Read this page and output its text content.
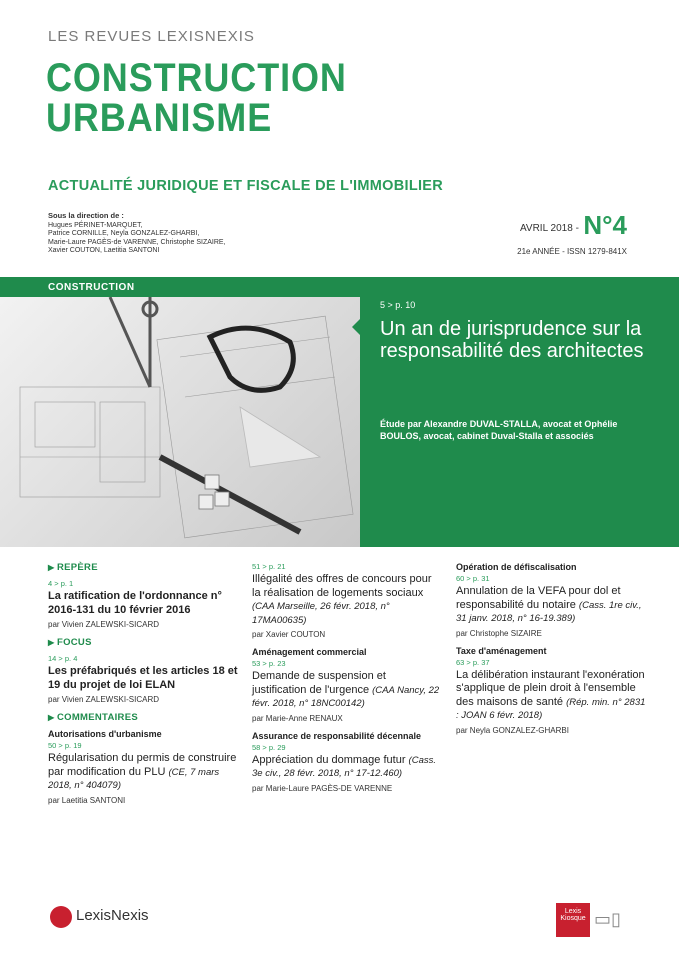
LES REVUES LEXISNEXIS
CONSTRUCTION
URBANISME
ACTUALITÉ JURIDIQUE ET FISCALE DE L'IMMOBILIER
Sous la direction de :
Hugues PÉRINET-MARQUET,
Patrice CORNILLE, Neyla GONZALEZ-GHARBI,
Marie-Laure PAGÈS-de VARENNE, Christophe SIZAIRE,
Xavier COUTON, Laetitia SANTONI
AVRIL 2018 - N°4
21e ANNÉE - ISSN 1279-841X
CONSTRUCTION
5 > p. 10
Un an de jurisprudence sur la responsabilité des architectes
Étude par Alexandre DUVAL-STALLA, avocat et Ophélie BOULOS, avocat, cabinet Duval-Stalla et associés
▶ REPÈRE
4 > p. 1
La ratification de l'ordonnance n° 2016-131 du 10 février 2016
par Vivien ZALEWSKI-SICARD
▶ FOCUS
14 > p. 4
Les préfabriqués et les articles 18 et 19 du projet de loi ELAN
par Vivien ZALEWSKI-SICARD
▶ COMMENTAIRES
Autorisations d'urbanisme
50 > p. 19
Régularisation du permis de construire par modification du PLU (CE, 7 mars 2018, n° 404079)
par Laetitia SANTONI
51 > p. 21
Illégalité des offres de concours pour la réalisation de logements sociaux (CAA Marseille, 26 févr. 2018, n° 17MA00635)
par Xavier COUTON
Aménagement commercial
53 > p. 23
Demande de suspension et justification de l'urgence (CAA Nancy, 22 févr. 2018, n° 18NC00142)
par Marie-Anne RENAUX
Assurance de responsabilité décennale
58 > p. 29
Appréciation du dommage futur (Cass. 3e civ., 28 févr. 2018, n° 17-12.460)
par Marie-Laure PAGÈS-DE VARENNE
Opération de défiscalisation
60 > p. 31
Annulation de la VEFA pour dol et responsabilité du notaire (Cass. 1re civ., 31 janv. 2018, n° 16-19.389)
par Christophe SIZAIRE
Taxe d'aménagement
63 > p. 37
La délibération instaurant l'exonération s'applique de plein droit à l'ensemble des maisons de santé (Rép. min. n° 2831 : JOAN 6 févr. 2018)
par Neyla GONZALEZ-GHARBI
LexisNexis	Lexis Kiosque ▭▯
